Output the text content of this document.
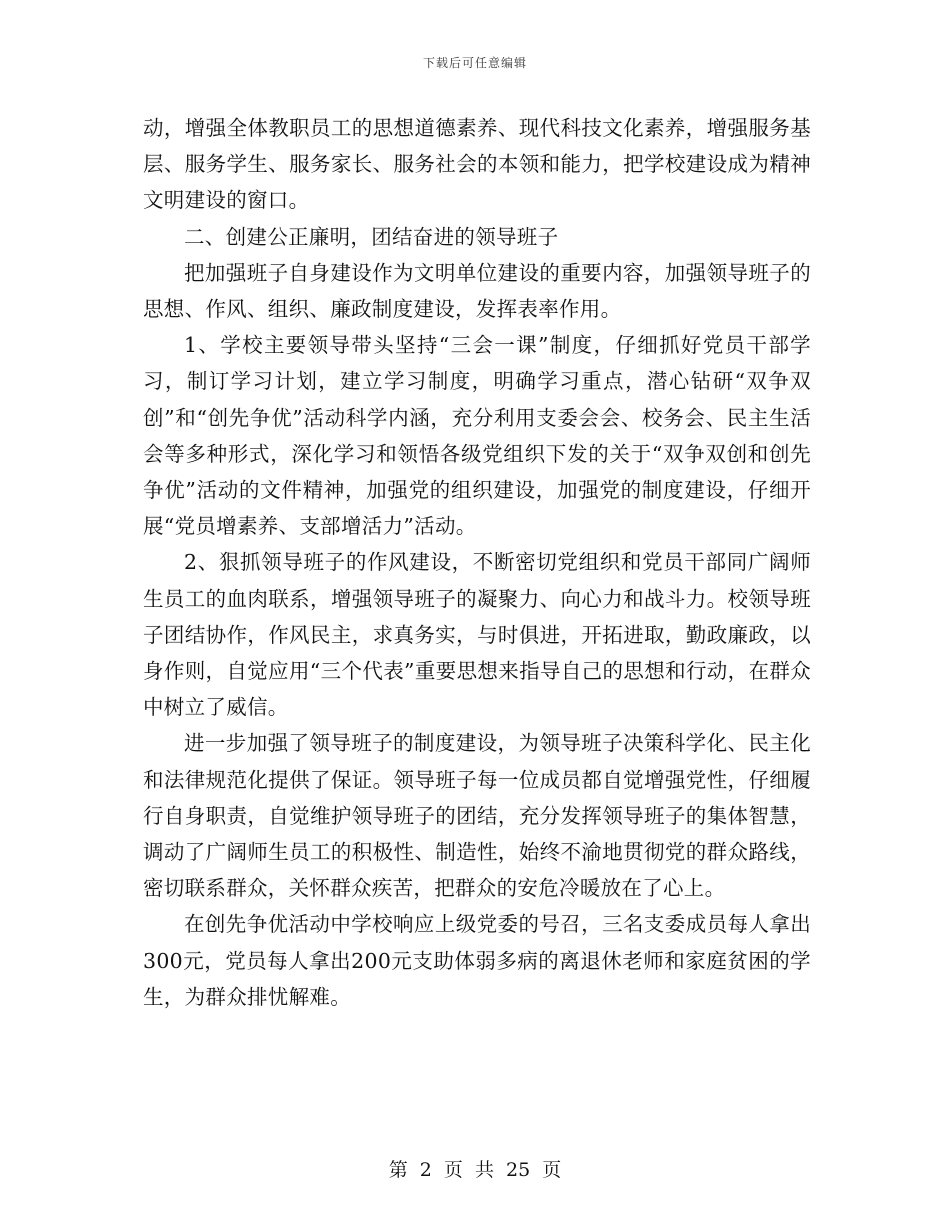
下载后可任意编辑

动，增强全体教职员工的思想道德素养、现代科技文化素养，增强服务基层、服务学生、服务家长、服务社会的本领和能力，把学校建设成为精神文明建设的窗口。

二、创建公正廉明，团结奋进的领导班子

把加强班子自身建设作为文明单位建设的重要内容，加强领导班子的思想、作风、组织、廉政制度建设，发挥表率作用。

1、学校主要领导带头坚持“三会一课”制度，仔细抓好党员干部学习，制订学习计划，建立学习制度，明确学习重点，潜心钻研“双争双创”和“创先争优”活动科学内涵，充分利用支委会会、校务会、民主生活会等多种形式，深化学习和领悟各级党组织下发的关于“双争双创和创先争优”活动的文件精神，加强党的组织建设，加强党的制度建设，仔细开展“党员增素养、支部增活力”活动。

2、狠抓领导班子的作风建设，不断密切党组织和党员干部同广阔师生员工的血肉联系，增强领导班子的凝聚力、向心力和战斗力。校领导班子团结协作，作风民主，求真务实，与时俱进，开拓进取，勤政廉政，以身作则，自觉应用“三个代表”重要思想来指导自己的思想和行动，在群众中树立了威信。

进一步加强了领导班子的制度建设，为领导班子决策科学化、民主化和法律规范化提供了保证。领导班子每一位成员都自觉增强党性，仔细履行自身职责，自觉维护领导班子的团结，充分发挥领导班子的集体智慧，调动了广阔师生员工的积极性、制造性，始终不渝地贯彻党的群众路线，密切联系群众，关怀群众疾苦，把群众的安危冷暖放在了心上。

在创先争优活动中学校响应上级党委的号召，三名支委成员每人拿出300元，党员每人拿出200元支助体弱多病的离退休老师和家庭贫困的学生，为群众排忧解难。

第 2 页 共 25 页
